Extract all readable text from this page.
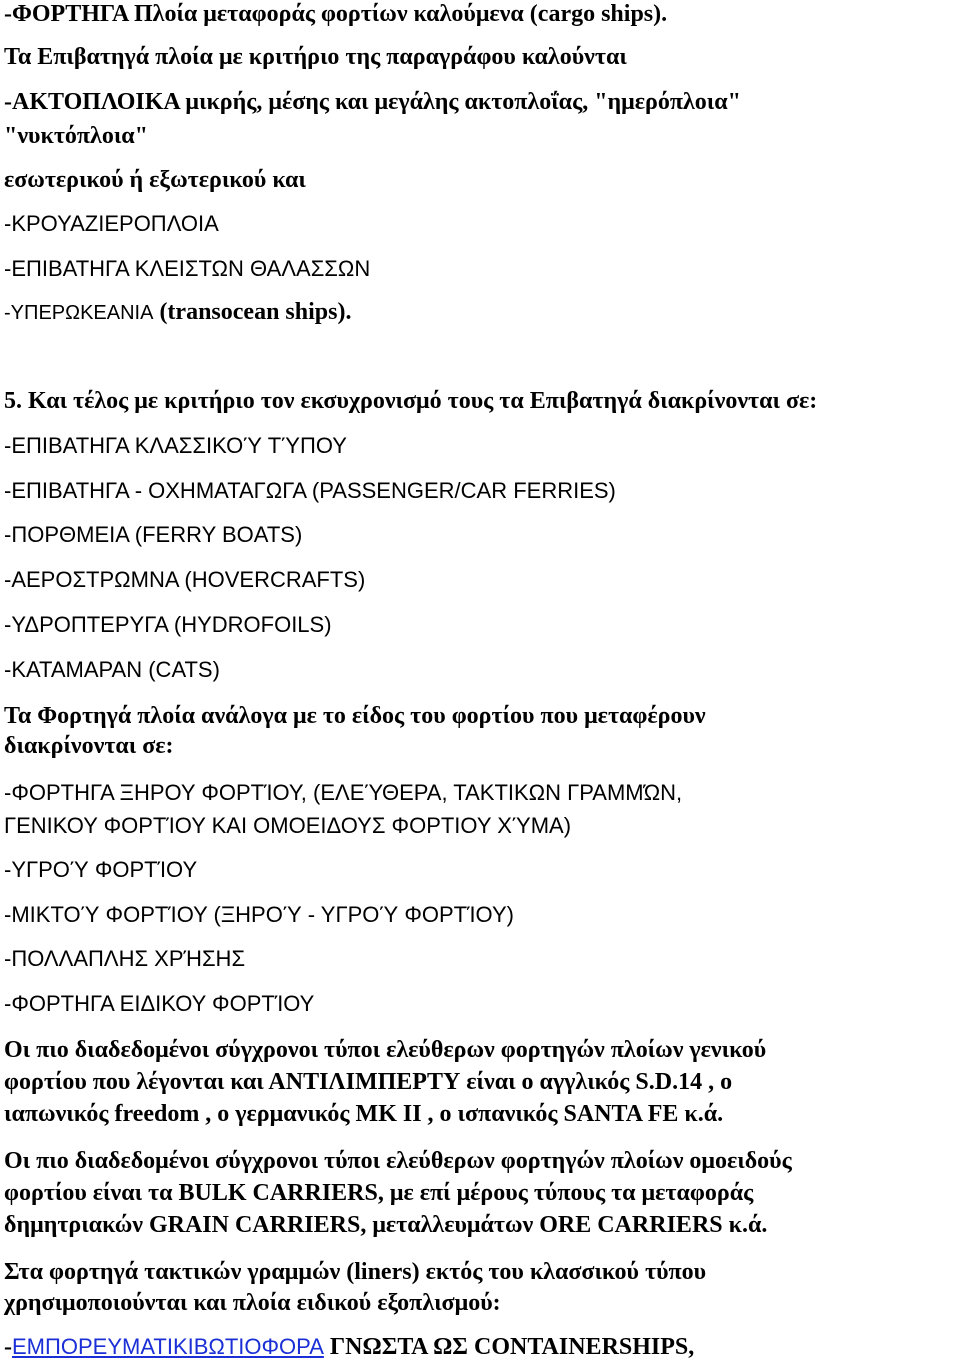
-ΦΟΡΤΗΓΑ Πλοία μεταφοράς φορτίων καλούμενα (cargo ships).

Τα Επιβατηγά πλοία με κριτήριο της παραγράφου καλούνται

-ΑΚΤΟΠΛΟΙΚΑ μικρής, μέσης και μεγάλης ακτοπλοΐας, "ημερόπλοια"

"νυκτόπλοια"

εσωτερικού ή εξωτερικού και

-ΚΡΟΥΑΖΙΕΡΟΠΛΟΙΑ

-ΕΠΙΒΑΤΗΓΑ ΚΛΕΙΣΤΩΝ ΘΑΛΑΣΣΩΝ

-ΥΠΕΡΩΚΕΑΝΙΑ (transocean ships).

5. Και τέλος με κριτήριο τον εκσυχρονισμό τους τα Επιβατηγά διακρίνονται σε:

-ΕΠΙΒΑΤΗΓΑ ΚΛΑΣΣΙΚΟΎ ΤΎΠΟΥ

-ΕΠΙΒΑΤΗΓΑ - ΟΧΗΜΑΤΑΓΩΓΑ (PASSENGER/CAR FERRIES)

-ΠΟΡΘΜΕΙΑ (FERRY BOATS)

-ΑΕΡΟΣΤΡΩΜΝΑ (HOVERCRAFTS)

-ΥΔΡΟΠΤΕΡΥΓΑ (HYDROFOILS)

-ΚΑΤΑΜΑΡΑΝ (CATS)

Τα Φορτηγά πλοία ανάλογα με το είδος του φορτίου που μεταφέρουν

διακρίνονται σε:

-ΦΟΡΤΗΓΑ ΞΗΡΟΥ ΦΟΡΤΊΟΥ, (ΕΛΕΎΘΕΡΑ, ΤΑΚΤΙΚΩΝ ΓΡΑΜΜΏΝ,

ΓΕΝΙΚΟΥ ΦΟΡΤΊΟΥ ΚΑΙ ΟΜΟΕΙΔΟΥΣ ΦΟΡΤΙΟΥ ΧΎΜΑ)

-ΥΓΡΟΎ ΦΟΡΤΊΟΥ

-ΜΙΚΤΟΎ ΦΟΡΤΊΟΥ (ΞΗΡΟΎ - ΥΓΡΟΎ ΦΟΡΤΊΟΥ)

-ΠΟΛΛΑΠΛΗΣ ΧΡΉΣΗΣ

-ΦΟΡΤΗΓΑ ΕΙΔΙΚΟΥ ΦΟΡΤΊΟΥ

Οι πιο διαδεδομένοι σύγχρονοι τύποι ελεύθερων φορτηγών πλοίων γενικού

φορτίου που λέγονται και ΑΝΤΙΛΙΜΠΕΡΤΥ είναι ο αγγλικός S.D.14 , ο

ιαπωνικός freedom , ο γερμανικός MK II , ο ισπανικός SANTA FE κ.ά.

Οι πιο διαδεδομένοι σύγχρονοι τύποι ελεύθερων φορτηγών πλοίων ομοειδούς

φορτίου είναι τα BULK CARRIERS, με επί μέρους τύπους τα μεταφοράς

δημητριακών GRAIN CARRIERS, μεταλλευμάτων ORE CARRIERS κ.ά.

Στα φορτηγά τακτικών γραμμών (liners) εκτός του κλασσικού τύπου

χρησιμοποιούνται και πλοία ειδικού εξοπλισμού:

-ΕΜΠΟΡΕΥΜΑΤΙΚΙΒΩΤΙΟΦΟΡΑ ΓΝΩΣΤΑ ΩΣ CONTAINERSHIPS,
